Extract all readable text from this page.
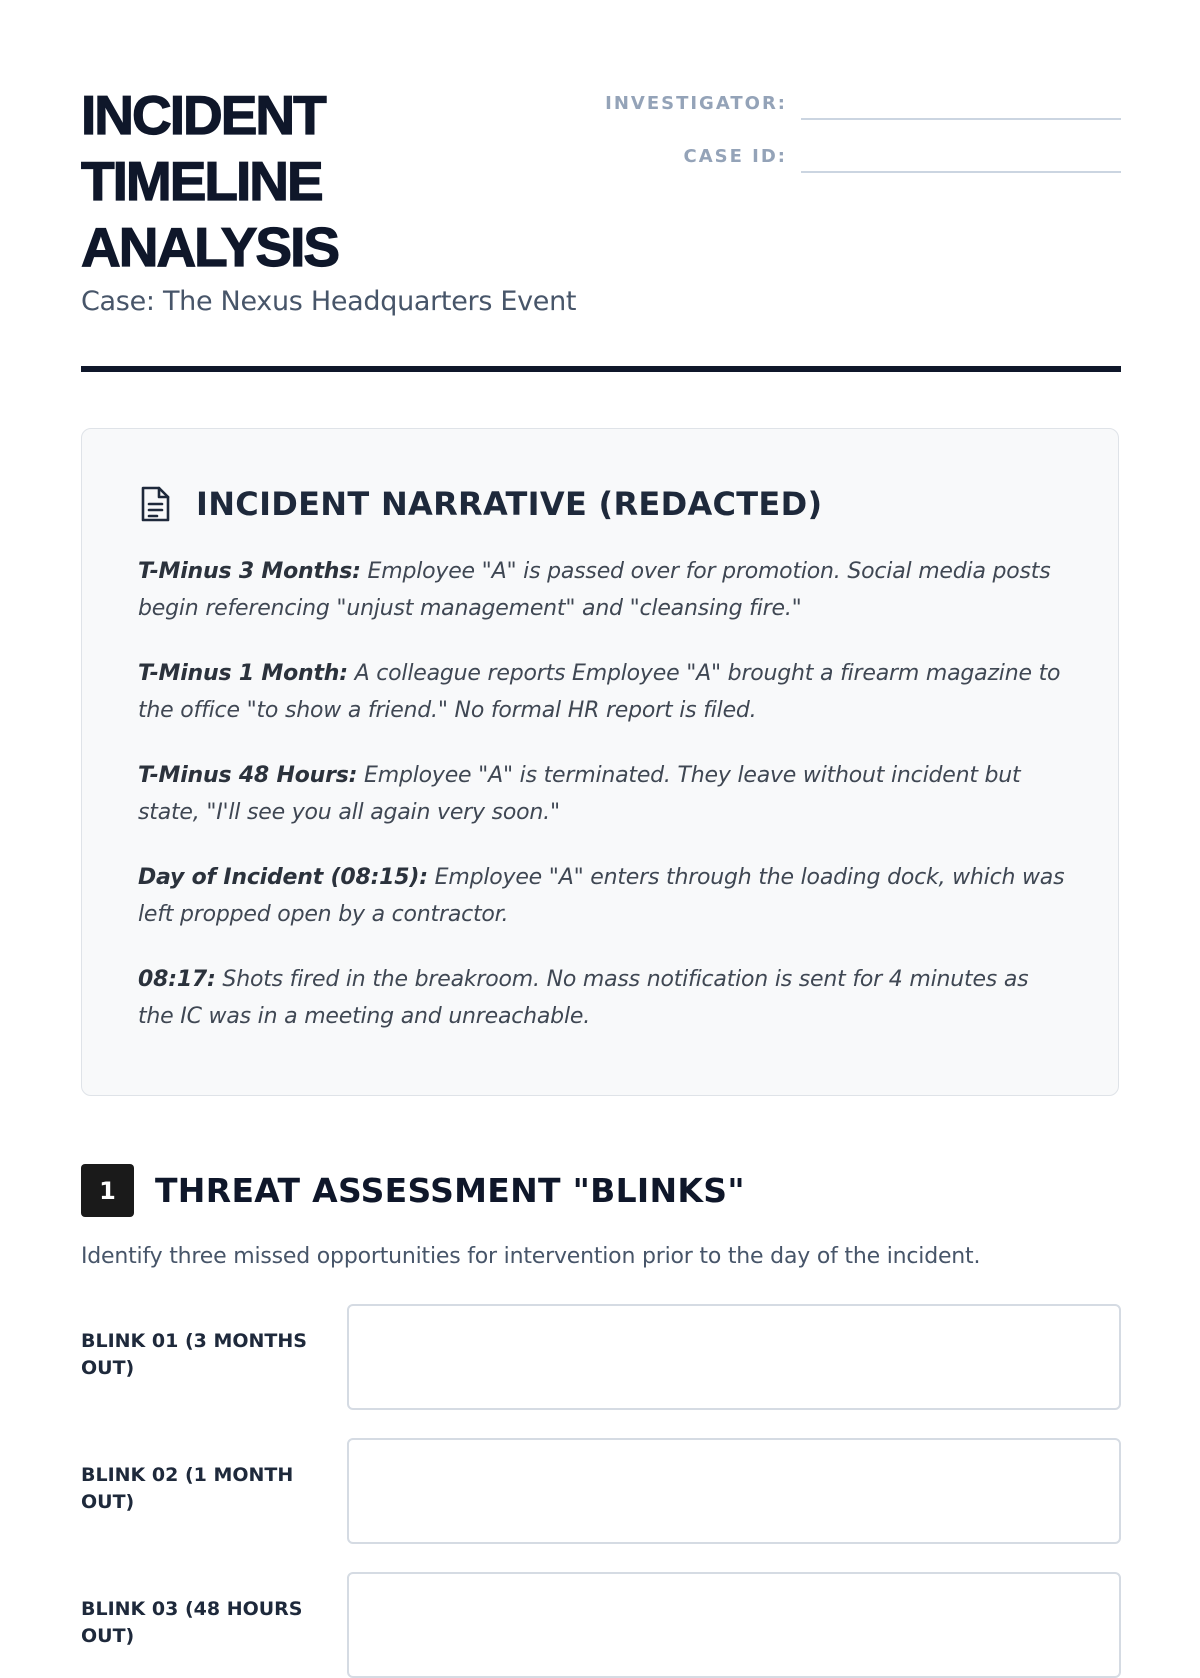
INCIDENT
TIMELINE
ANALYSIS
Case: The Nexus Headquarters Event
INVESTIGATOR:
CASE ID:
INCIDENT NARRATIVE (REDACTED)

T-Minus 3 Months: Employee "A" is passed over for promotion. Social media posts begin referencing "unjust management" and "cleansing fire."

T-Minus 1 Month: A colleague reports Employee "A" brought a firearm magazine to the office "to show a friend." No formal HR report is filed.

T-Minus 48 Hours: Employee "A" is terminated. They leave without incident but state, "I'll see you all again very soon."

Day of Incident (08:15): Employee "A" enters through the loading dock, which was left propped open by a contractor.

08:17: Shots fired in the breakroom. No mass notification is sent for 4 minutes as the IC was in a meeting and unreachable.

1	THREAT ASSESSMENT "BLINKS"
Identify three missed opportunities for intervention prior to the day of the incident.
BLINK 01 (3 MONTHS OUT)
BLINK 02 (1 MONTH OUT)
BLINK 03 (48 HOURS OUT)
